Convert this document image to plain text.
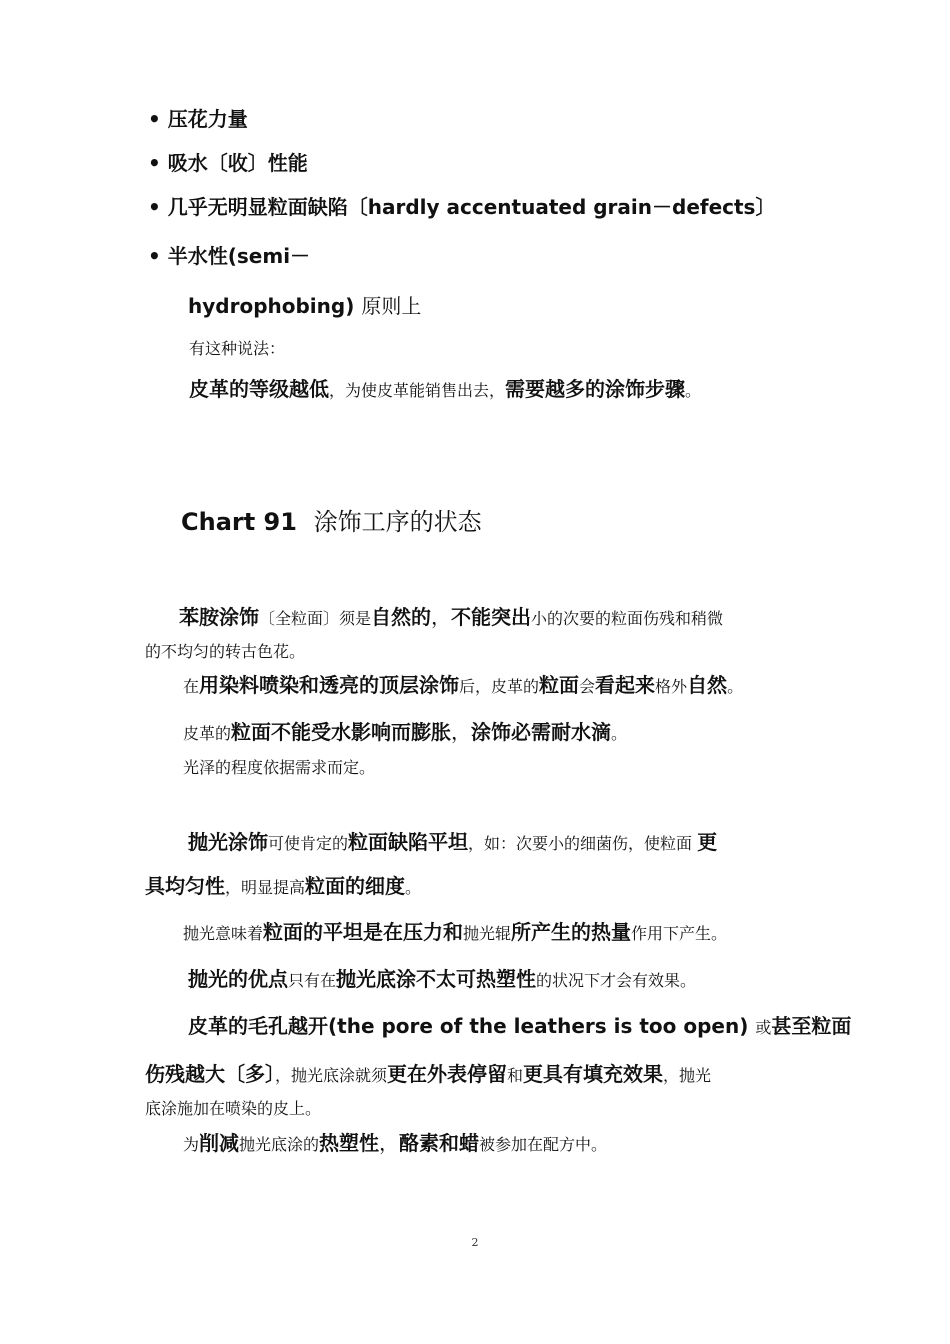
• 压花力量
• 吸水〔收〕性能
• 几乎无明显粒面缺陷〔hardly accentuated grain－defects〕
• 半水性(semi－
hydrophobing) 原则上
有这种说法：
皮革的等级越低，为使皮革能销售出去，需要越多的涂饰步骤。
Chart 91 涂饰工序的状态
苯胺涂饰〔全粒面〕须是自然的，不能突出小的次要的粒面伤残和稍微
的不均匀的转古色花。
在用染料喷染和透亮的顶层涂饰后，皮革的粒面会看起来格外自然。
皮革的粒面不能受水影响而膨胀，涂饰必需耐水滴。
光泽的程度依据需求而定。
抛光涂饰可使肯定的粒面缺陷平坦，如：次要小的细菌伤，使粒面 更
具均匀性，明显提高粒面的细度。
抛光意味着粒面的平坦是在压力和抛光辊所产生的热量作用下产生。
抛光的优点只有在抛光底涂不太可热塑性的状况下才会有效果。
皮革的毛孔越开(the pore of the leathers is too open) 或甚至粒面
伤残越大〔多〕，抛光底涂就须更在外表停留和更具有填充效果，抛光
底涂施加在喷染的皮上。
为削减抛光底涂的热塑性，酪素和蜡被参加在配方中。
2
